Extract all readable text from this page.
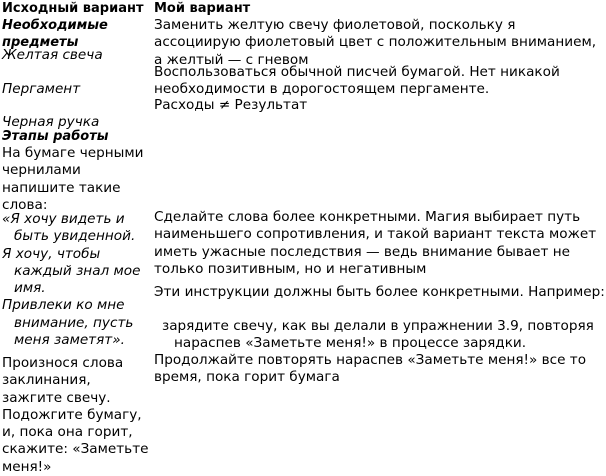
Исходный вариант
Необходимые предметы
Желтая свеча
Пергамент
Черная ручка
Этапы работы
На бумаге черными чернилами напишите такие слова:
«Я хочу видеть и быть увиденной.
Я хочу, чтобы каждый знал мое имя.
Привлеки ко мне внимание, пусть меня заметят».
Произнося слова заклинания, зажгите свечу. Подожгите бумагу, и, пока она горит, скажите: «Заметьте меня!»
Мой вариант
Заменить желтую свечу фиолетовой, поскольку я ассоциирую фиолетовый цвет с положительным вниманием, а желтый — с гневом
Воспользоваться обычной писчей бумагой. Нет никакой необходимости в дорогостоящем пергаменте.
Расходы ≠ Результат
Сделайте слова более конкретными. Магия выбирает путь наименьшего сопротивления, и такой вариант текста может иметь ужасные последствия — ведь внимание бывает не только позитивным, но и негативным
Эти инструкции должны быть более конкретными. Например:
зарядите свечу, как вы делали в упражнении 3.9, повторяя нараспев «Заметьте меня!» в процессе зарядки.
Продолжайте повторять нараспев «Заметьте меня!» все то время, пока горит бумага
